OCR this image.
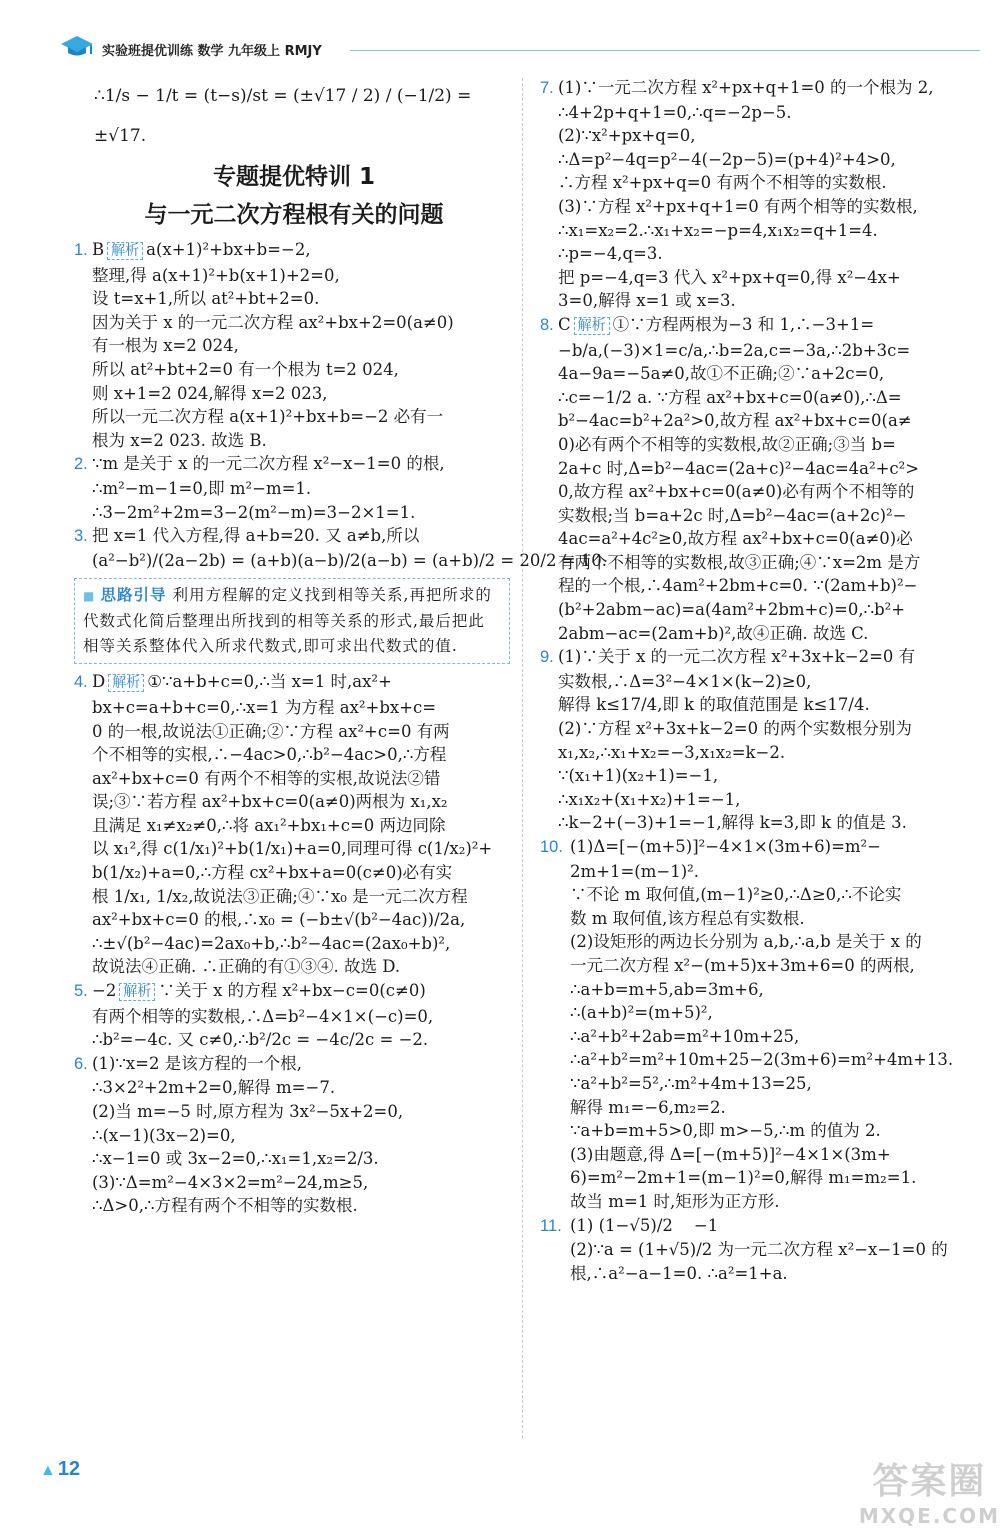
实验班提优训练 数学 九年级上 RMJY
∴1/s − 1/t = (t−s)/st = (±√17 / 2) / (−1/2) = ±√17.
专题提优特训 1
与一元二次方程根有关的问题
1. B 解析 a(x+1)²+bx+b=−2,
整理,得 a(x+1)²+b(x+1)+2=0,
设 t=x+1,所以 at²+bt+2=0.
因为关于 x 的一元二次方程 ax²+bx+2=0(a≠0)
有一根为 x=2 024,
所以 at²+bt+2=0 有一个根为 t=2 024,
则 x+1=2 024,解得 x=2 023,
所以一元二次方程 a(x+1)²+bx+b=−2 必有一
根为 x=2 023. 故选 B.
2. ∵m 是关于 x 的一元二次方程 x²−x−1=0 的根,
∴m²−m−1=0,即 m²−m=1.
∴3−2m²+2m=3−2(m²−m)=3−2×1=1.
3. 把 x=1 代入方程,得 a+b=20. 又 a≠b,所以
(a²−b²)/(2a−2b) = (a+b)(a−b)/2(a−b) = (a+b)/2 = 20/2 = 10.
■ 思路引导 利用方程解的定义找到相等关系,再把所求的代数式化简后整理出所找到的相等关系的形式,最后把此相等关系整体代入所求代数式,即可求出代数式的值.
4. D 解析 ①∵a+b+c=0,∴当 x=1 时,ax²+
bx+c=a+b+c=0,∴x=1 为方程 ax²+bx+c=
0 的一根,故说法①正确;②∵方程 ax²+c=0 有两
个不相等的实根,∴−4ac>0,∴b²−4ac>0,∴方程
ax²+bx+c=0 有两个不相等的实根,故说法②错
误;③∵若方程 ax²+bx+c=0(a≠0)两根为 x₁,x₂
且满足 x₁≠x₂≠0,∴将 ax₁²+bx₁+c=0 两边同除
以 x₁²,得 c(1/x₁)²+b(1/x₁)+a=0,同理可得 c(1/x₂)²+
b(1/x₂)+a=0,∴方程 cx²+bx+a=0(c≠0)必有实
根 1/x₁, 1/x₂,故说法③正确;④∵x₀ 是一元二次方程
ax²+bx+c=0 的根,∴x₀ = (−b±√(b²−4ac))/2a,
∴±√(b²−4ac)=2ax₀+b,∴b²−4ac=(2ax₀+b)²,
故说法④正确. ∴正确的有①③④. 故选 D.
5. −2 解析 ∵关于 x 的方程 x²+bx−c=0(c≠0)
有两个相等的实数根,∴Δ=b²−4×1×(−c)=0,
∴b²=−4c. 又 c≠0,∴b²/2c = −4c/2c = −2.
6. (1)∵x=2 是该方程的一个根,
∴3×2²+2m+2=0,解得 m=−7.
(2)当 m=−5 时,原方程为 3x²−5x+2=0,
∴(x−1)(3x−2)=0,
∴x−1=0 或 3x−2=0,∴x₁=1,x₂=2/3.
(3)∵Δ=m²−4×3×2=m²−24,m≥5,
∴Δ>0,∴方程有两个不相等的实数根.
7. (1)∵一元二次方程 x²+px+q+1=0 的一个根为 2,
∴4+2p+q+1=0,∴q=−2p−5.
(2)∵x²+px+q=0,
∴Δ=p²−4q=p²−4(−2p−5)=(p+4)²+4>0,
∴方程 x²+px+q=0 有两个不相等的实数根.
(3)∵方程 x²+px+q+1=0 有两个相等的实数根,
∴x₁=x₂=2.∴x₁+x₂=−p=4,x₁x₂=q+1=4.
∴p=−4,q=3.
把 p=−4,q=3 代入 x²+px+q=0,得 x²−4x+
3=0,解得 x=1 或 x=3.
8. C 解析 ①∵方程两根为−3 和 1,∴−3+1=
−b/a,(−3)×1=c/a,∴b=2a,c=−3a,∴2b+3c=
4a−9a=−5a≠0,故①不正确;②∵a+2c=0,
∴c=−1/2 a. ∵方程 ax²+bx+c=0(a≠0),∴Δ=
b²−4ac=b²+2a²>0,故方程 ax²+bx+c=0(a≠
0)必有两个不相等的实数根,故②正确;③当 b=
2a+c 时,Δ=b²−4ac=(2a+c)²−4ac=4a²+c²>
0,故方程 ax²+bx+c=0(a≠0)必有两个不相等的
实数根;当 b=a+2c 时,Δ=b²−4ac=(a+2c)²−
4ac=a²+4c²≥0,故方程 ax²+bx+c=0(a≠0)必
有两个不相等的实数根,故③正确;④∵x=2m 是方
程的一个根,∴4am²+2bm+c=0. ∵(2am+b)²−
(b²+2abm−ac)=a(4am²+2bm+c)=0,∴b²+
2abm−ac=(2am+b)²,故④正确. 故选 C.
9. (1)∵关于 x 的一元二次方程 x²+3x+k−2=0 有
实数根,∴Δ=3²−4×1×(k−2)≥0,
解得 k≤17/4,即 k 的取值范围是 k≤17/4.
(2)∵方程 x²+3x+k−2=0 的两个实数根分别为
x₁,x₂,∴x₁+x₂=−3,x₁x₂=k−2.
∵(x₁+1)(x₂+1)=−1,
∴x₁x₂+(x₁+x₂)+1=−1,
∴k−2+(−3)+1=−1,解得 k=3,即 k 的值是 3.
10. (1)Δ=[−(m+5)]²−4×1×(3m+6)=m²−
2m+1=(m−1)².
∵不论 m 取何值,(m−1)²≥0,∴Δ≥0,∴不论实
数 m 取何值,该方程总有实数根.
(2)设矩形的两边长分别为 a,b,∴a,b 是关于 x 的
一元二次方程 x²−(m+5)x+3m+6=0 的两根,
∴a+b=m+5,ab=3m+6,
∴(a+b)²=(m+5)²,
∴a²+b²+2ab=m²+10m+25,
∴a²+b²=m²+10m+25−2(3m+6)=m²+4m+13.
∵a²+b²=5²,∴m²+4m+13=25,
解得 m₁=−6,m₂=2.
∵a+b=m+5>0,即 m>−5,∴m 的值为 2.
(3)由题意,得 Δ=[−(m+5)]²−4×1×(3m+
6)=m²−2m+1=(m−1)²=0,解得 m₁=m₂=1.
故当 m=1 时,矩形为正方形.
11. (1) (1−√5)/2    −1
(2)∵a = (1+√5)/2 为一元二次方程 x²−x−1=0 的
根,∴a²−a−1=0. ∴a²=1+a.
▲ 12	答案圈
MXQE.COM
